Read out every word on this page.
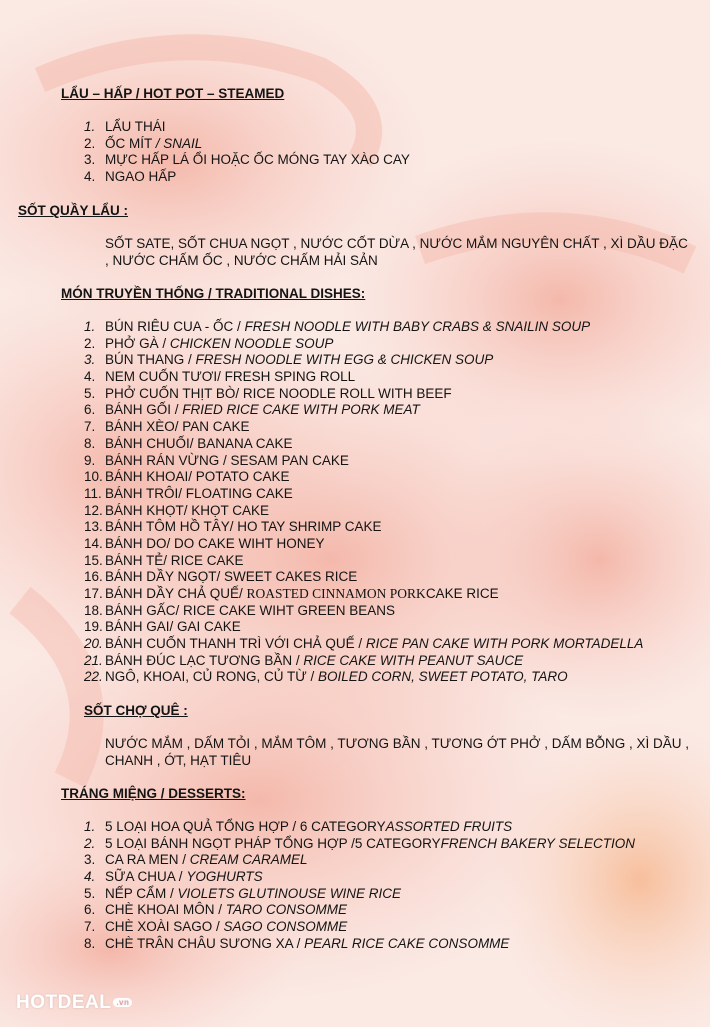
LẨU – HẤP / HOT POT – STEAMED
1. LẨU THÁI
2. ỐC MÍT / SNAIL
3. MỰC HẤP LÁ ỔI HOẶC ỐC MÓNG TAY XÀO CAY
4. NGAO HẤP
SỐT QUẦY LẨU :

SỐT SATE, SỐT CHUA NGỌT , NƯỚC CỐT DỪA , NƯỚC MẮM NGUYÊN CHẤT , XÌ DẦU ĐẶC , NƯỚC CHẤM ỐC , NƯỚC CHẤM HẢI SẢN

MÓN TRUYỀN THỐNG / TRADITIONAL DISHES:
1. BÚN RIÊU CUA - ỐC / FRESH NOODLE WITH BABY CRABS & SNAILIN SOUP
2. PHỞ GÀ / CHICKEN NOODLE SOUP
3. BÚN THANG / FRESH NOODLE WITH EGG & CHICKEN SOUP
4. NEM CUỐN TƯƠI/ FRESH SPING ROLL
5. PHỞ CUỐN THỊT BÒ/ RICE NOODLE ROLL WITH BEEF
6. BÁNH GỐI / FRIED RICE CAKE WITH PORK MEAT
7. BÁNH XÈO/ PAN CAKE
8. BÁNH CHUỐI/ BANANA CAKE
9. BÁNH RÁN VỪNG / SESAM PAN CAKE
10. BÁNH KHOAI/ POTATO CAKE
11. BÁNH TRÔI/ FLOATING CAKE
12. BÁNH KHỌT/ KHỌT CAKE
13. BÁNH TÔM HỒ TÂY/ HO TAY SHRIMP CAKE
14. BÁNH DO/ DO CAKE WIHT HONEY
15. BÁNH TẺ/ RICE CAKE
16. BÁNH DẦY NGỌT/ SWEET CAKES RICE
17. BÁNH DẦY CHẢ QUẾ/ ROASTED CINNAMON PORKCAKE RICE
18. BÁNH GẤC/ RICE CAKE WIHT GREEN BEANS
19. BÁNH GAI/ GAI CAKE
20. BÁNH CUỐN THANH TRÌ VỚI CHẢ QUẾ / RICE PAN CAKE WITH PORK MORTADELLA
21. BÁNH ĐÚC LẠC TƯƠNG BẦN / RICE CAKE WITH PEANUT SAUCE
22. NGÔ, KHOAI, CỦ RONG, CỦ TỪ / BOILED CORN, SWEET POTATO, TARO
SỐT CHỢ QUÊ :

NƯỚC MẮM , DẤM TỎI , MẮM TÔM , TƯƠNG BẦN , TƯƠNG ỚT PHỞ , DẤM BỖNG , XÌ DẦU , CHANH , ỚT, HẠT TIÊU

TRÁNG MIỆNG / DESSERTS:
1. 5 LOẠI HOA QUẢ TỔNG HỢP / 6 CATEGORYASSORTED FRUITS
2. 5 LOẠI BÁNH NGỌT PHÁP TỔNG HỢP /5 CATEGORYFRENCH BAKERY SELECTION
3. CA RA MEN / CREAM CARAMEL
4. SỮA CHUA / YOGHURTS
5. NẾP CẨM / VIOLETS GLUTINOUSE WINE RICE
6. CHÈ KHOAI MÔN / TARO CONSOMME
7. CHÈ XOÀI SAGO / SAGO CONSOMME
8. CHÈ TRÂN CHÂU SƯƠNG XA / PEARL RICE CAKE CONSOMME
HOTDEAL .vn
